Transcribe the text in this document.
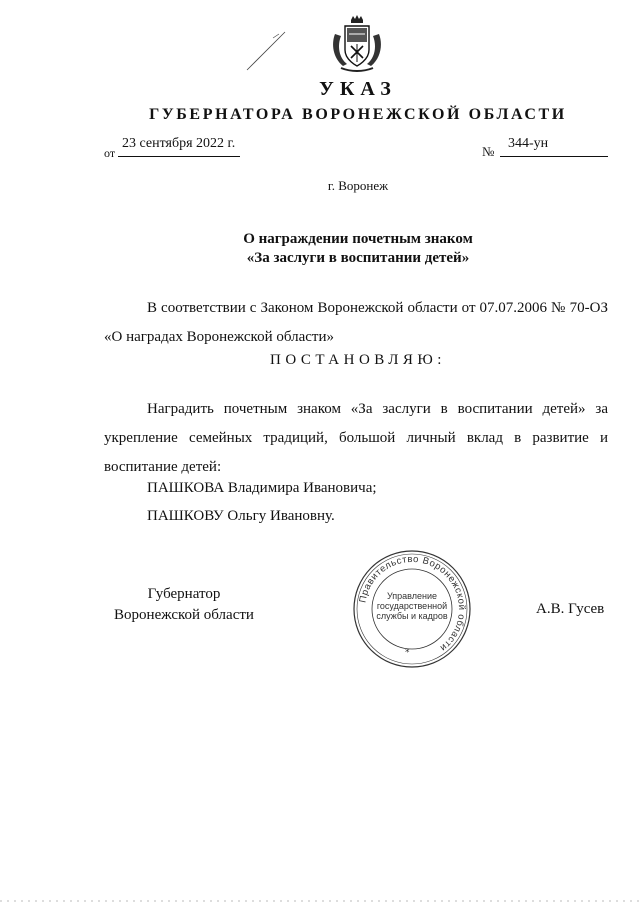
УКАЗ
ГУБЕРНАТОРА ВОРОНЕЖСКОЙ ОБЛАСТИ
от
23 сентября 2022 г.
№
344-ун
г. Воронеж
О награждении почетным знаком
«За заслуги в воспитании детей»
В соответствии с Законом Воронежской области от 07.07.2006 № 70-ОЗ «О наградах Воронежской области»
ПОСТАНОВЛЯЮ:
Наградить почетным знаком «За заслуги в воспитании детей» за укрепление семейных традиций, большой личный вклад в развитие и воспитание детей:
ПАШКОВА Владимира Ивановича;
ПАШКОВУ Ольгу Ивановну.
Губернатор
Воронежской области
Правительство Воронежской области
Управление
государственной
службы и кадров
*
А.В. Гусев
